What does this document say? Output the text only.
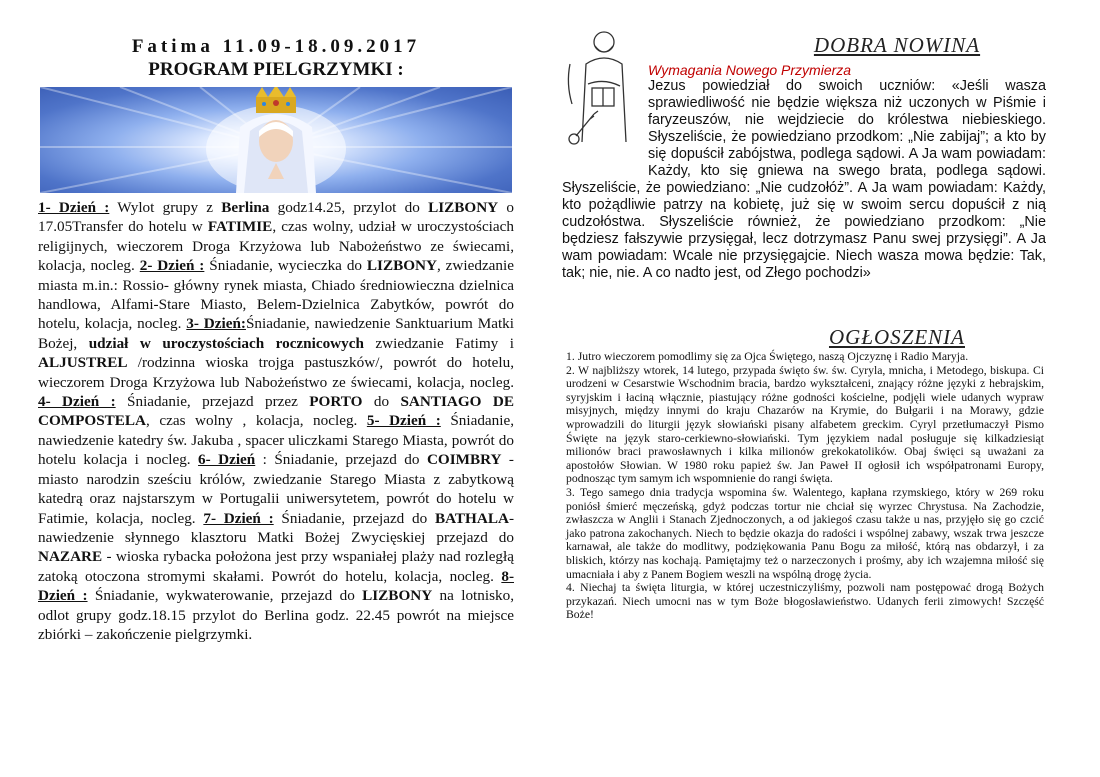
Fatima 11.09-18.09.2017
PROGRAM PIELGRZYMKI :

1- Dzień : Wylot grupy z Berlina godz14.25, przylot do LIZBONY o 17.05Transfer do hotelu w FATIMIE, czas wolny, udział w uroczystościach religijnych, wieczorem Droga Krzyżowa lub Nabożeństwo ze świecami, kolacja, nocleg. 2- Dzień : Śniadanie, wycieczka do LIZBONY, zwiedzanie miasta m.in.: Rossio- główny rynek miasta, Chiado średniowieczna dzielnica handlowa, Alfami-Stare Miasto, Belem-Dzielnica Zabytków, powrót do hotelu, kolacja, nocleg. 3- Dzień:Śniadanie, nawiedzenie Sanktuarium Matki Bożej, udział w uroczystościach rocznicowych zwiedzanie Fatimy i ALJUSTREL /rodzinna wioska trojga pastuszków/, powrót do hotelu, wieczorem Droga Krzyżowa lub Nabożeństwo ze świecami, kolacja, nocleg. 4- Dzień : Śniadanie, przejazd przez PORTO do SANTIAGO DE COMPOSTELA, czas wolny , kolacja, nocleg. 5- Dzień : Śniadanie, nawiedzenie katedry św. Jakuba , spacer uliczkami Starego Miasta, powrót do hotelu kolacja i nocleg. 6- Dzień : Śniadanie, przejazd do COIMBRY - miasto narodzin sześciu królów, zwiedzanie Starego Miasta z zabytkową katedrą oraz najstarszym w Portugalii uniwersytetem, powrót do hotelu w Fatimie, kolacja, nocleg. 7- Dzień : Śniadanie, przejazd do BATHALA- nawiedzenie słynnego klasztoru Matki Bożej Zwycięskiej przejazd do NAZARE - wioska rybacka położona jest przy wspaniałej plaży nad rozległą zatoką otoczona stromymi skałami. Powrót do hotelu, kolacja, nocleg. 8- Dzień : Śniadanie, wykwaterowanie, przejazd do LIZBONY na lotnisko, odlot grupy godz.18.15 przylot do Berlina godz. 22.45 powrót na miejsce zbiórki – zakończenie pielgrzymki.

DOBRA NOWINA
Wymagania Nowego Przymierza
Jezus powiedział do swoich uczniów: «Jeśli wasza sprawiedliwość nie będzie większa niż uczonych w Piśmie i faryzeuszów, nie wejdziecie do królestwa niebieskiego. Słyszeliście, że powiedziano przodkom: „Nie zabijaj”; a kto by się dopuścił zabójstwa, podlega sądowi. A Ja wam powiadam: Każdy, kto się gniewa na swego brata, podlega sądowi. Słyszeliście, że powiedziano: „Nie cudzołóż”. A Ja wam powiadam: Każdy, kto pożądliwie patrzy na kobietę, już się w swoim sercu dopuścił z nią cudzołóstwa. Słyszeliście również, że powiedziano przodkom: „Nie będziesz fałszywie przysięgał, lecz dotrzymasz Panu swej przysięgi”. A Ja wam powiadam: Wcale nie przysięgajcie. Niech wasza mowa będzie: Tak, tak; nie, nie. A co nadto jest, od Złego pochodzi»
OGŁOSZENIA

1. Jutro wieczorem pomodlimy się za Ojca Świętego, naszą Ojczyznę i Radio Maryja.

2. W najbliższy wtorek, 14 lutego, przypada święto św. św. Cyryla, mnicha, i Metodego, biskupa. Ci urodzeni w Cesarstwie Wschodnim bracia, bardzo wykształceni, znający różne języki z hebrajskim, syryjskim i łaciną włącznie, piastujący różne godności kościelne, podjęli wiele udanych wypraw misyjnych, między innymi do kraju Chazarów na Krymie, do Bułgarii i na Morawy, gdzie wprowadzili do liturgii język słowiański pisany alfabetem greckim. Cyryl przetłumaczył Pismo Święte na język staro-cerkiewno-słowiański. Tym językiem nadal posługuje się kilkadziesiąt milionów braci prawosławnych i kilka milionów grekokatolików. Obaj święci są uważani za apostołów Słowian. W 1980 roku papież św. Jan Paweł II ogłosił ich współpatronami Europy, podnosząc tym samym ich wspomnienie do rangi święta.

3. Tego samego dnia tradycja wspomina św. Walentego, kapłana rzymskiego, który w 269 roku poniósł śmierć męczeńską, gdyż podczas tortur nie chciał się wyrzec Chrystusa. Na Zachodzie, zwłaszcza w Anglii i Stanach Zjednoczonych, a od jakiegoś czasu także u nas, przyjęło się go czcić jako patrona zakochanych. Niech to będzie okazja do radości i wspólnej zabawy, wszak trwa jeszcze karnawał, ale także do modlitwy, podziękowania Panu Bogu za miłość, którą nas obdarzył, i za bliskich, którzy nas kochają. Pamiętajmy też o narzeczonych i prośmy, aby ich wzajemna miłość się umacniała i aby z Panem Bogiem weszli na wspólną drogę życia.

4. Niechaj ta święta liturgia, w której uczestniczyliśmy, pozwoli nam postępować drogą Bożych przykazań. Niech umocni nas w tym Boże błogosławieństwo. Udanych ferii zimowych! Szczęść Boże!
